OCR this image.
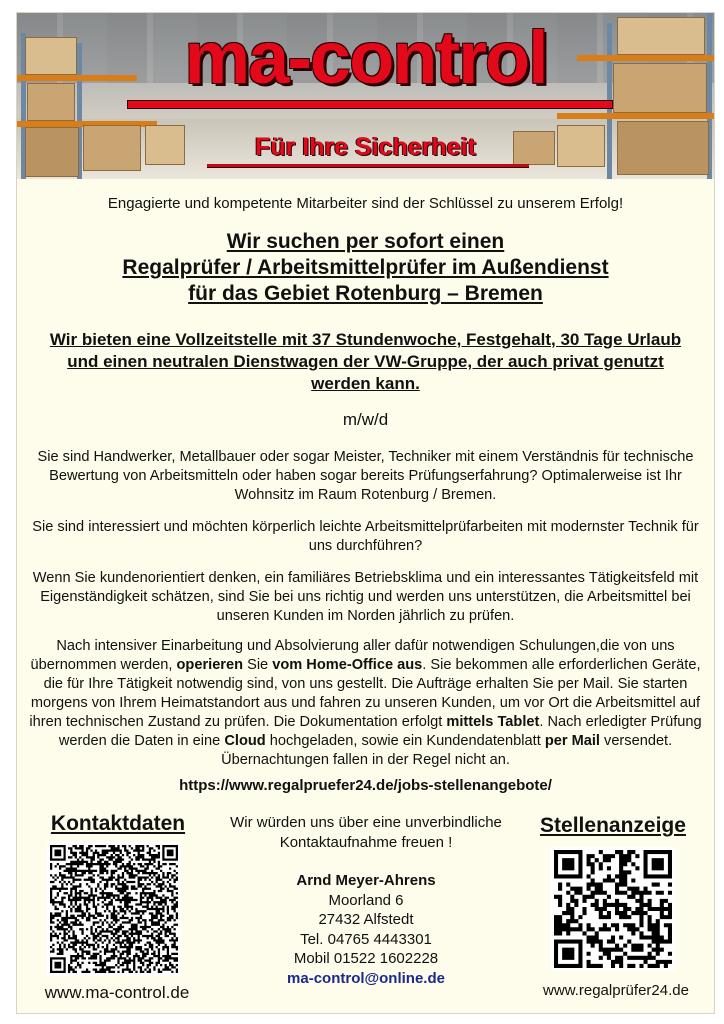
ma-control
Für Ihre Sicherheit
Engagierte und kompetente Mitarbeiter sind der Schlüssel zu unserem Erfolg!
Wir suchen per sofort einen
Regalprüfer / Arbeitsmittelprüfer im Außendienst
für das Gebiet Rotenburg – Bremen
Wir bieten eine Vollzeitstelle mit 37 Stundenwoche, Festgehalt, 30 Tage Urlaub und einen neutralen Dienstwagen der VW-Gruppe, der auch privat genutzt werden kann.
m/w/d
Sie sind Handwerker, Metallbauer oder sogar Meister, Techniker mit einem Verständnis für technische Bewertung von Arbeitsmitteln oder haben sogar bereits Prüfungserfahrung? Optimalerweise ist Ihr Wohnsitz im Raum Rotenburg / Bremen.
Sie sind interessiert und möchten körperlich leichte Arbeitsmittelprüfarbeiten mit modernster Technik für uns durchführen?
Wenn Sie kundenorientiert denken, ein familiäres Betriebsklima und ein interessantes Tätigkeitsfeld mit Eigenständigkeit schätzen, sind Sie bei uns richtig und werden uns unterstützen, die Arbeitsmittel bei unseren Kunden im Norden jährlich zu prüfen.
Nach intensiver Einarbeitung und Absolvierung aller dafür notwendigen Schulungen,die von uns übernommen werden, operieren Sie vom Home-Office aus. Sie bekommen alle erforderlichen Geräte, die für Ihre Tätigkeit notwendig sind, von uns gestellt. Die Aufträge erhalten Sie per Mail. Sie starten morgens von Ihrem Heimatstandort aus und fahren zu unseren Kunden, um vor Ort die Arbeitsmittel auf ihren technischen Zustand zu prüfen. Die Dokumentation erfolgt mittels Tablet. Nach erledigter Prüfung werden die Daten in eine Cloud hochgeladen, sowie ein Kundendatenblatt per Mail versendet. Übernachtungen fallen in der Regel nicht an.
https://www.regalpruefer24.de/jobs-stellenangebote/
Kontaktdaten
www.ma-control.de
Wir würden uns über eine unverbindliche
Kontaktaufnahme freuen !
Arnd Meyer-Ahrens
Moorland 6
27432 Alfstedt
Tel. 04765 4443301
Mobil 01522 1602228
ma-control@online.de
Stellenanzeige
www.regalprüfer24.de
